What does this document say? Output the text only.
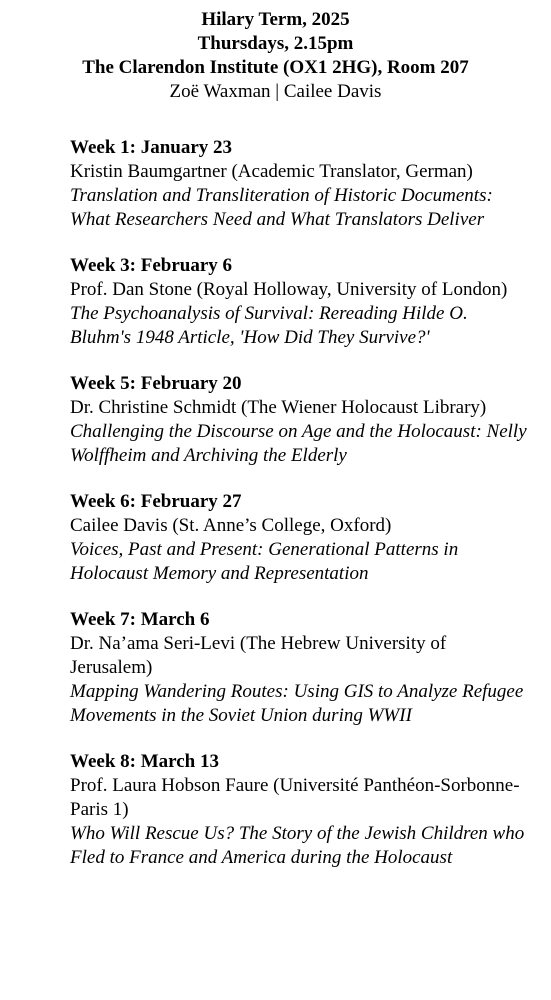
Hilary Term, 2025
Thursdays, 2.15pm
The Clarendon Institute (OX1 2HG), Room 207
Zoë Waxman | Cailee Davis
Week 1: January 23
Kristin Baumgartner (Academic Translator, German)
Translation and Transliteration of Historic Documents: What Researchers Need and What Translators Deliver
Week 3: February 6
Prof. Dan Stone (Royal Holloway, University of London)
The Psychoanalysis of Survival: Rereading Hilde O. Bluhm's 1948 Article, 'How Did They Survive?'
Week 5: February 20
Dr. Christine Schmidt (The Wiener Holocaust Library)
Challenging the Discourse on Age and the Holocaust: Nelly Wolffheim and Archiving the Elderly
Week 6: February 27
Cailee Davis (St. Anne’s College, Oxford)
Voices, Past and Present: Generational Patterns in Holocaust Memory and Representation
Week 7: March 6
Dr. Na’ama Seri-Levi (The Hebrew University of Jerusalem)
Mapping Wandering Routes: Using GIS to Analyze Refugee Movements in the Soviet Union during WWII
Week 8: March 13
Prof. Laura Hobson Faure (Université Panthéon-Sorbonne-Paris 1)
Who Will Rescue Us? The Story of the Jewish Children who Fled to France and America during the Holocaust
